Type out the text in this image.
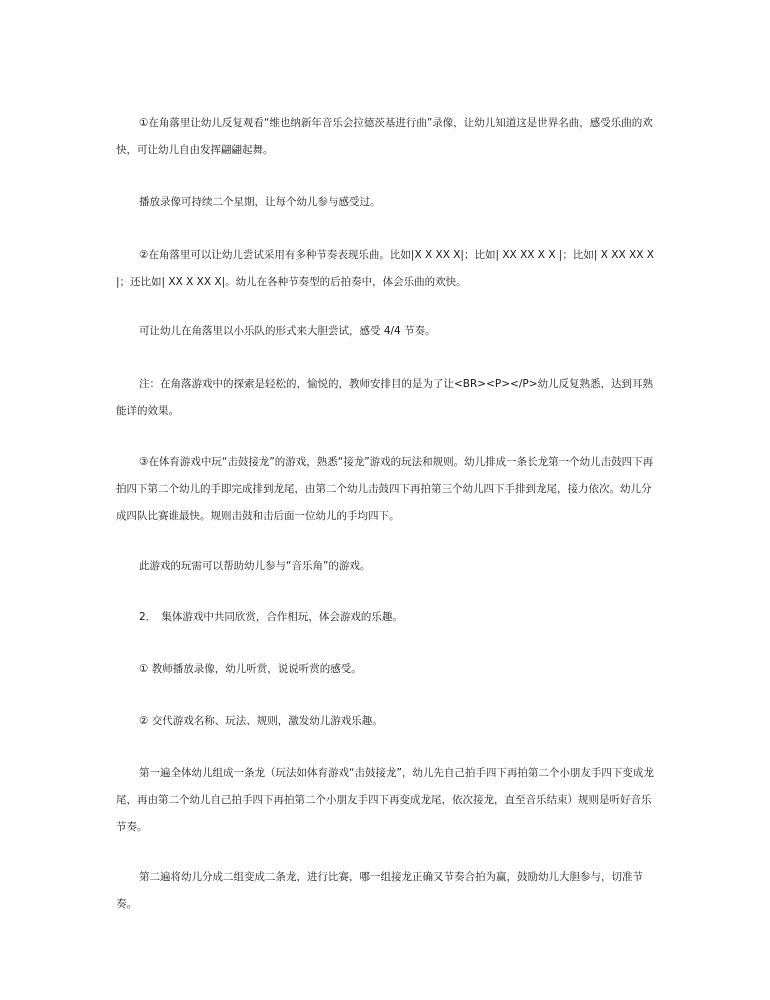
①在角落里让幼儿反复观看“维也纳新年音乐会拉德茨基进行曲”录像，让幼儿知道这是世界名曲，感受乐曲的欢快，可让幼儿自由发挥翩翩起舞。

播放录像可持续二个星期，让每个幼儿参与感受过。

②在角落里可以让幼儿尝试采用有多种节奏表现乐曲。比如|X X XX X|；比如| XX XX X X |；比如| X XX XX X|；还比如| XX X XX X|。幼儿在各种节奏型的后拍奏中，体会乐曲的欢快。

可让幼儿在角落里以小乐队的形式来大胆尝试，感受 4/4 节奏。

注：在角落游戏中的探索是轻松的，愉悦的，教师安排目的是为了让<BR><P></P>幼儿反复熟悉，达到耳熟能详的效果。

③在体育游戏中玩“击鼓接龙”的游戏，熟悉“接龙”游戏的玩法和规则。幼儿排成一条长龙第一个幼儿击鼓四下再拍四下第二个幼儿的手即完成排到龙尾，由第二个幼儿击鼓四下再拍第三个幼儿四下手排到龙尾，接力依次。幼儿分成四队比赛谁最快。规则击鼓和击后面一位幼儿的手均四下。

此游戏的玩需可以帮助幼儿参与“音乐角”的游戏。

2．　集体游戏中共同欣赏，合作相玩，体会游戏的乐趣。

① 教师播放录像，幼儿听赏，说说听赏的感受。

② 交代游戏名称、玩法、规则，激发幼儿游戏乐趣。

第一遍全体幼儿组成一条龙（玩法如体育游戏“击鼓接龙”，幼儿先自己拍手四下再拍第二个小朋友手四下变成龙尾，再由第二个幼儿自己拍手四下再拍第二个小朋友手四下再变成龙尾，依次接龙，直至音乐结束）规则是听好音乐节奏。

第二遍将幼儿分成二组变成二条龙，进行比赛，哪一组接龙正确又节奏合拍为赢，鼓励幼儿大胆参与，切准节奏。
